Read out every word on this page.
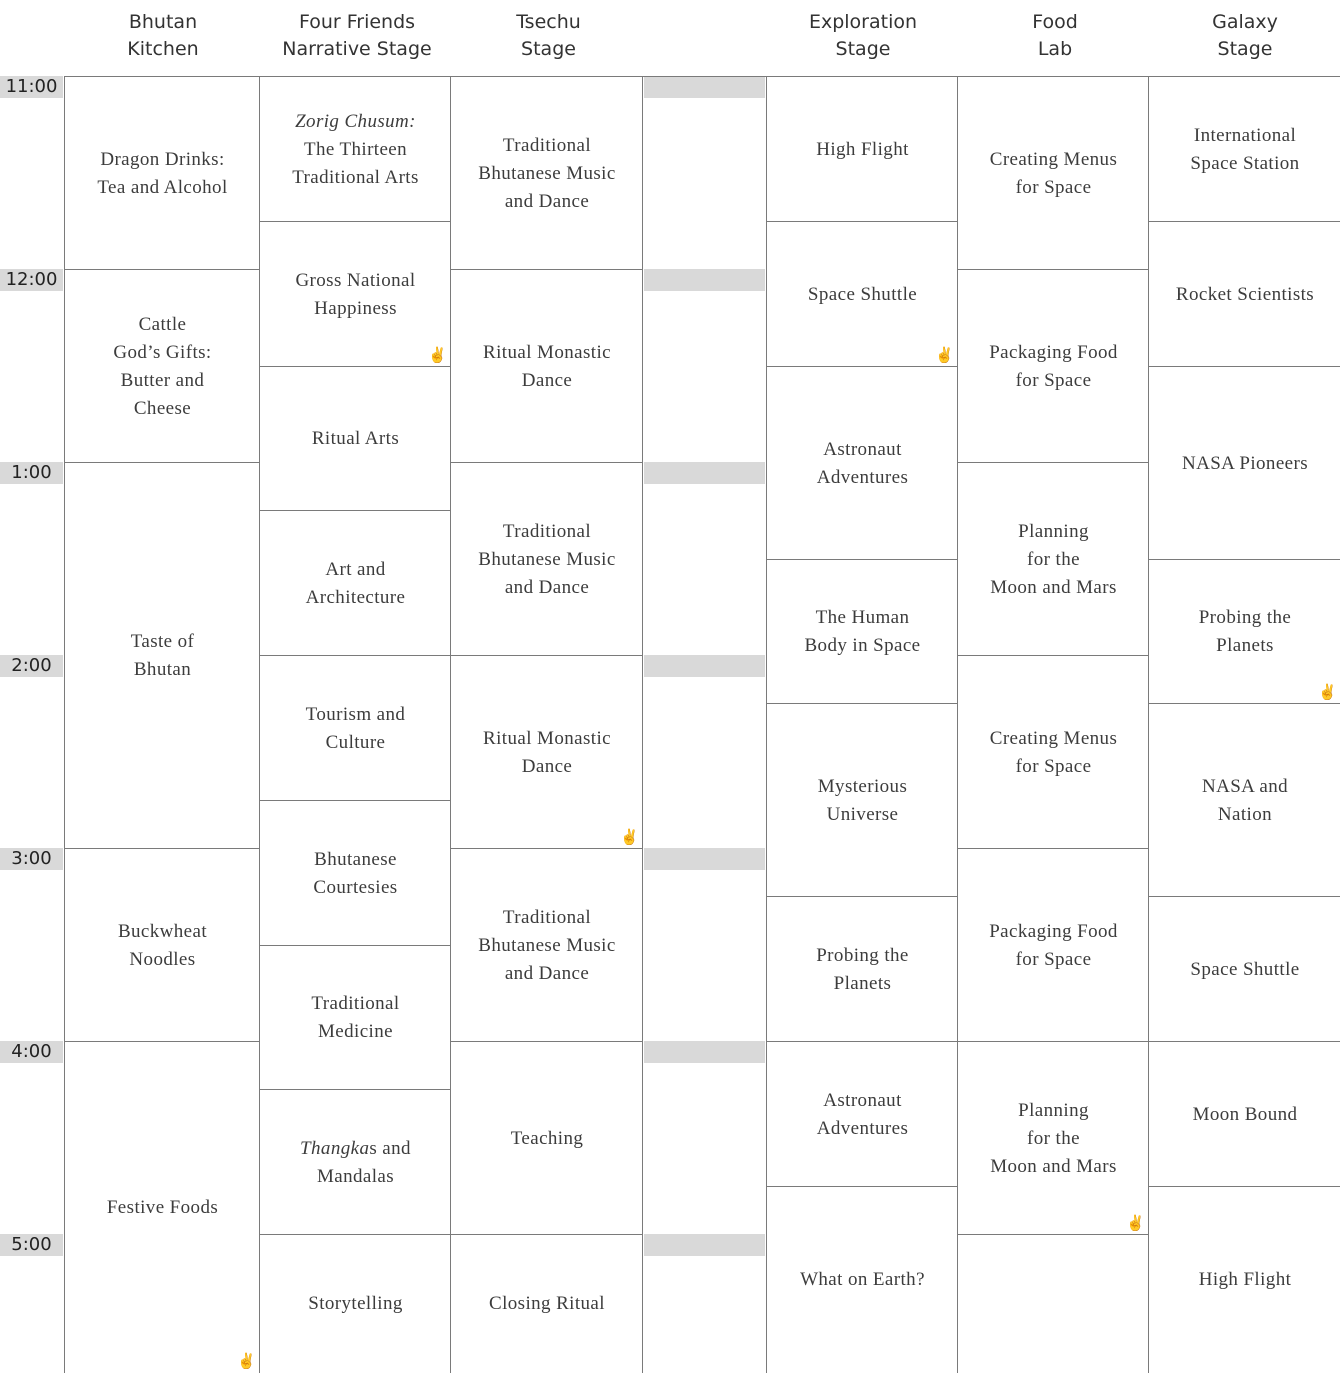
Bhutan
Kitchen
Four Friends
Narrative Stage
Tsechu
Stage
Exploration
Stage
Food
Lab
Galaxy
Stage
11:00
12:00
1:00
2:00
3:00
4:00
5:00
Dragon Drinks:
Tea and Alcohol
Cattle
God’s Gifts:
Butter and
Cheese
Taste of
Bhutan
Buckwheat
Noodles
Festive Foods
✌
Zorig Chusum:
The Thirteen
Traditional Arts
Gross National
Happiness
✌
Ritual Arts
Art and
Architecture
Tourism and
Culture
Bhutanese
Courtesies
Traditional
Medicine
Thangkas and
Mandalas
Storytelling
Traditional
Bhutanese Music
and Dance
Ritual Monastic
Dance
Traditional
Bhutanese Music
and Dance
Ritual Monastic
Dance
✌
Traditional
Bhutanese Music
and Dance
Teaching
Closing Ritual
High Flight
Space Shuttle
✌
Astronaut
Adventures
The Human
Body in Space
Mysterious
Universe
Probing the
Planets
Astronaut
Adventures
What on Earth?
Creating Menus
for Space
Packaging Food
for Space
Planning
for the
Moon and Mars
Creating Menus
for Space
Packaging Food
for Space
Planning
for the
Moon and Mars
✌
International
Space Station
Rocket Scientists
NASA Pioneers
Probing the
Planets
✌
NASA and
Nation
Space Shuttle
Moon Bound
High Flight
